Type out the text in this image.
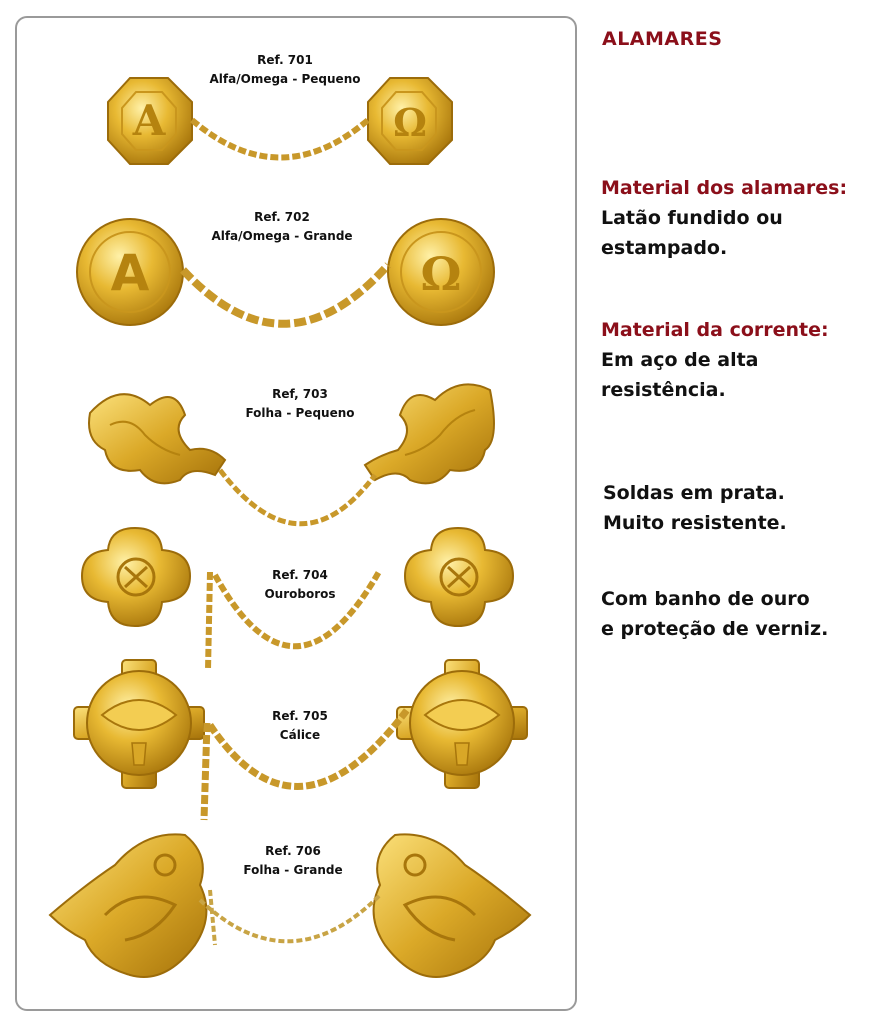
A	Ω
A	Ω
Ref. 701
Alfa/Omega - Pequeno
Ref. 702
Alfa/Omega - Grande
Ref, 703
Folha - Pequeno
Ref. 704
Ouroboros
Ref. 705
Cálice
Ref. 706
Folha - Grande
ALAMARES
Material dos alamares:
Latão fundido ou
estampado.
Material da corrente:
Em aço de alta
resistência.
Soldas em prata.
Muito resistente.
Com banho de ouro
e proteção de verniz.
